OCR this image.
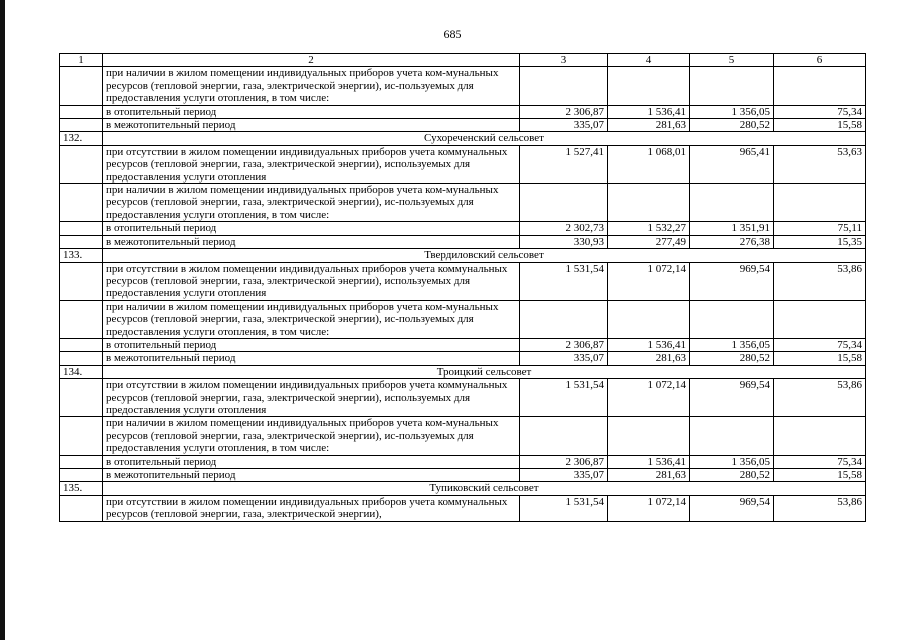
685
1	2	3	4	5	6
	при наличии в жилом помещении индивидуальных приборов учета ком-мунальных ресурсов (тепловой энергии, газа, электрической энергии), ис-пользуемых для предоставления услуги отопления, в том числе:				
	в отопительный период	2 306,87	1 536,41	1 356,05	75,34
	в межотопительный период	335,07	281,63	280,52	15,58
132.	Сухореченский сельсовет				
	при отсутствии в жилом помещении индивидуальных приборов учета коммунальных ресурсов (тепловой энергии, газа, электрической энергии), используемых для предоставления услуги отопления	1 527,41	1 068,01	965,41	53,63
	при наличии в жилом помещении индивидуальных приборов учета ком-мунальных ресурсов (тепловой энергии, газа, электрической энергии), ис-пользуемых для предоставления услуги отопления, в том числе:				
	в отопительный период	2 302,73	1 532,27	1 351,91	75,11
	в межотопительный период	330,93	277,49	276,38	15,35
133.	Твердиловский сельсовет				
	при отсутствии в жилом помещении индивидуальных приборов учета коммунальных ресурсов (тепловой энергии, газа, электрической энергии), используемых для предоставления услуги отопления	1 531,54	1 072,14	969,54	53,86
	при наличии в жилом помещении индивидуальных приборов учета ком-мунальных ресурсов (тепловой энергии, газа, электрической энергии), ис-пользуемых для предоставления услуги отопления, в том числе:				
	в отопительный период	2 306,87	1 536,41	1 356,05	75,34
	в межотопительный период	335,07	281,63	280,52	15,58
134.	Троицкий сельсовет				
	при отсутствии в жилом помещении индивидуальных приборов учета коммунальных ресурсов (тепловой энергии, газа, электрической энергии), используемых для предоставления услуги отопления	1 531,54	1 072,14	969,54	53,86
	при наличии в жилом помещении индивидуальных приборов учета ком-мунальных ресурсов (тепловой энергии, газа, электрической энергии), ис-пользуемых для предоставления услуги отопления, в том числе:				
	в отопительный период	2 306,87	1 536,41	1 356,05	75,34
	в межотопительный период	335,07	281,63	280,52	15,58
135.	Тупиковский сельсовет				
	при отсутствии в жилом помещении индивидуальных приборов учета коммунальных ресурсов (тепловой энергии, газа, электрической энергии),	1 531,54	1 072,14	969,54	53,86
